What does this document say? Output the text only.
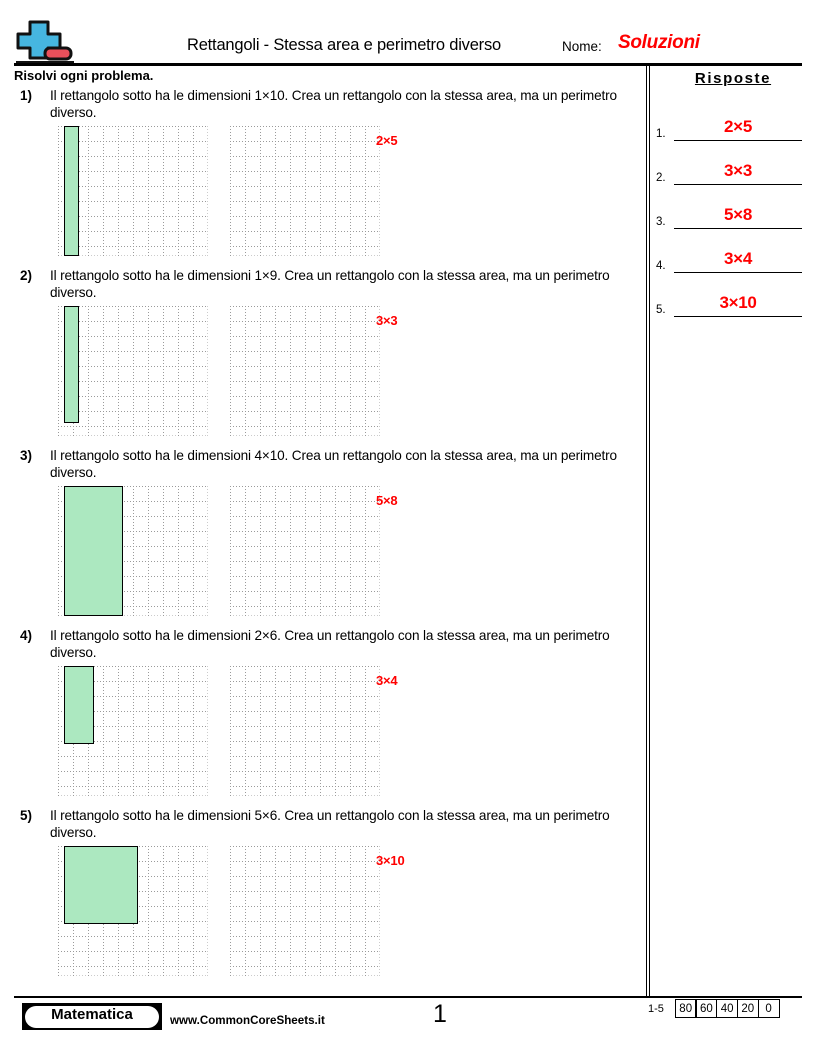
Rettangoli - Stessa area e perimetro diverso	Nome: Soluzioni
Risolvi ogni problema.
1) Il rettangolo sotto ha le dimensioni 1×10. Crea un rettangolo con la stessa area, ma un perimetro diverso.
2×5
2) Il rettangolo sotto ha le dimensioni 1×9. Crea un rettangolo con la stessa area, ma un perimetro diverso.
3×3
3) Il rettangolo sotto ha le dimensioni 4×10. Crea un rettangolo con la stessa area, ma un perimetro diverso.
5×8
4) Il rettangolo sotto ha le dimensioni 2×6. Crea un rettangolo con la stessa area, ma un perimetro diverso.
3×4
5) Il rettangolo sotto ha le dimensioni 5×6. Crea un rettangolo con la stessa area, ma un perimetro diverso.
3×10
Risposte
1.	2×5
2.	3×3
3.	5×8
4.	3×4
5.	3×10
Matematica	www.CommonCoreSheets.it	1	1-5	80 60 40 20 0
